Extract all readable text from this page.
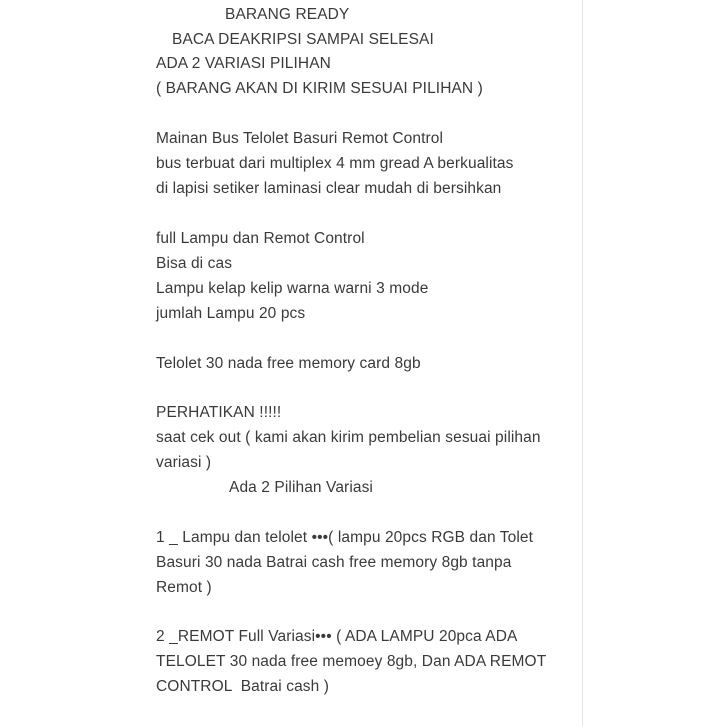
BARANG READY
BACA DEAKRIPSI SAMPAI SELESAI
ADA 2 VARIASI PILIHAN
( BARANG AKAN DI KIRIM SESUAI PILIHAN )
Mainan Bus Telolet Basuri Remot Control
bus terbuat dari multiplex 4 mm gread A berkualitas
di lapisi setiker laminasi clear mudah di bersihkan
full Lampu dan Remot Control
Bisa di cas
Lampu kelap kelip warna warni 3 mode
jumlah Lampu 20 pcs
Telolet 30 nada free memory card 8gb
PERHATIKAN !!!!!
saat cek out ( kami akan kirim pembelian sesuai pilihan
variasi )
Ada 2 Pilihan Variasi
1 _ Lampu dan telolet •••( lampu 20pcs RGB dan Tolet
Basuri 30 nada Batrai cash free memory 8gb tanpa
Remot )
2 _REMOT Full Variasi••• ( ADA LAMPU 20pca ADA
TELOLET 30 nada free memoey 8gb, Dan ADA REMOT
CONTROL  Batrai cash )
